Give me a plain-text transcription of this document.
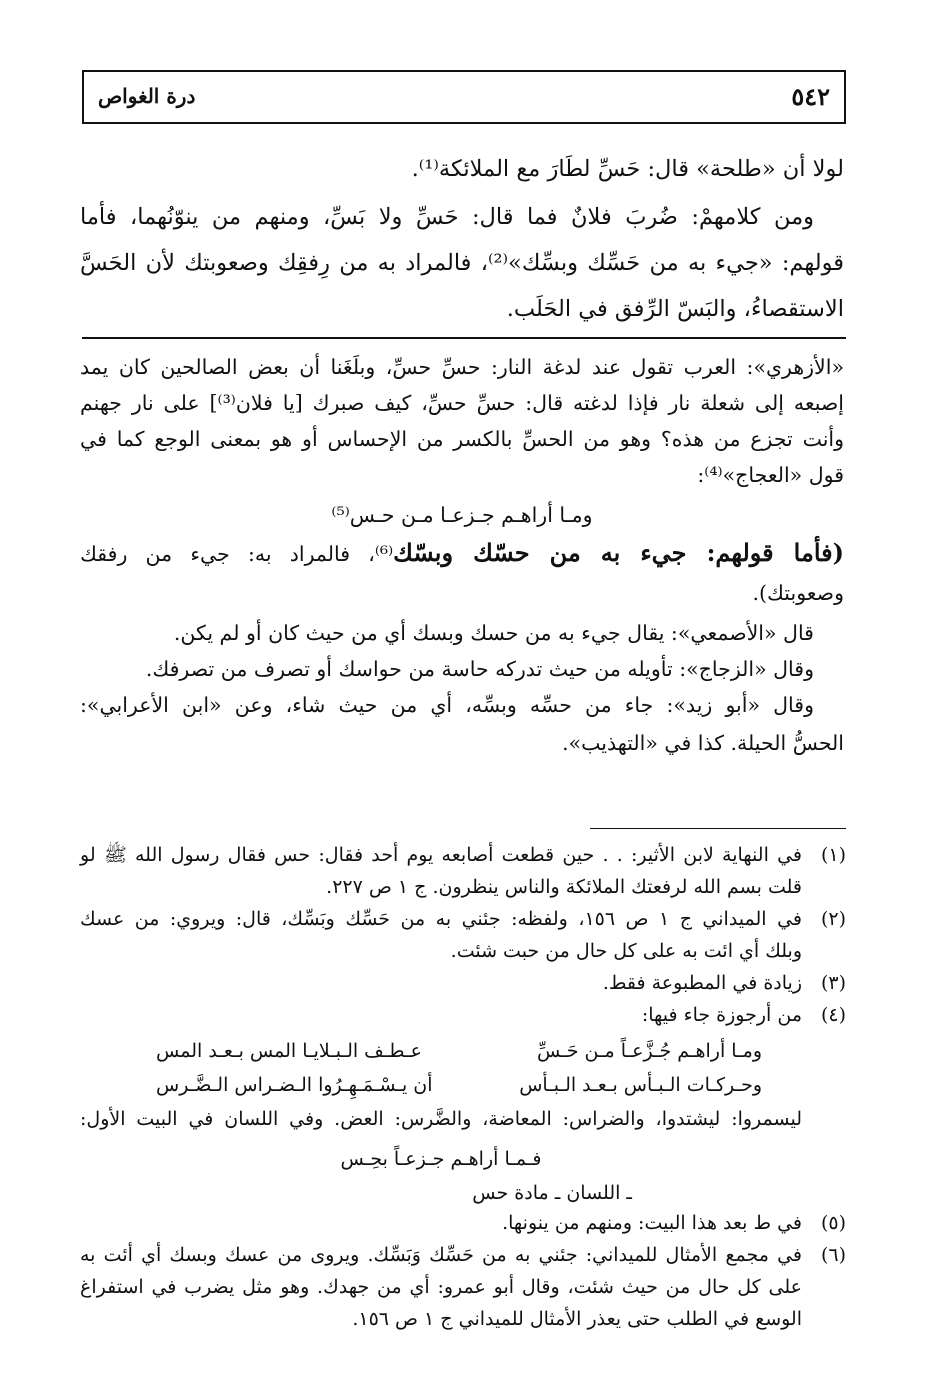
٥٤٢
درة الغواص
لولا أن «طلحة» قال: حَسِّ لطَارَ مع الملائكة⁽¹⁾.
ومن كلامهمْ: ضُربَ فلانٌ فما قال: حَسِّ ولا بَسِّ، ومنهم من ينوّنُهما، فأما
قولهم: «جيء به من حَسِّك وبسِّك»⁽²⁾، فالمراد به من رِفقِك وصعوبتك لأن الحَسَّ
الاستقصاءُ، والبَسّ الرِّفق في الحَلَب.
«الأزهري»: العرب تقول عند لدغة النار: حسِّ حسِّ، وبلَغَنا أن بعض الصالحين كان يمد
إصبعه إلى شعلة نار فإذا لدغته قال: حسِّ حسِّ، كيف صبرك [يا فلان⁽³⁾] على نار جهنم
وأنت تجزع من هذه؟ وهو من الحسِّ بالكسر من الإحساس أو هو بمعنى الوجع كما في
قول «العجاج»⁽⁴⁾:
ومـا أراهـم جـزعـا مـن حـس⁽⁵⁾
(فأما قولهم: جيء به من حسّك وبسّك⁽⁶⁾، فالمراد به: جيء من رفقك
وصعوبتك).
قال «الأصمعي»: يقال جيء به من حسك وبسك أي من حيث كان أو لم يكن.
وقال «الزجاج»: تأويله من حيث تدركه حاسة من حواسك أو تصرف من تصرفك.
وقال «أبو زيد»: جاء من حسِّه وبسِّه، أي من حيث شاء، وعن «ابن الأعرابي»:
الحسُّ الحيلة. كذا في «التهذيب».
(١)
في النهاية لابن الأثير: . . حين قطعت أصابعه يوم أحد فقال: حس فقال رسول الله ﷺ لو
قلت بسم الله لرفعتك الملائكة والناس ينظرون. ج ١ ص ٢٢٧.
(٢)
في الميداني ج ١ ص ١٥٦، ولفظه: جئني به من حَسِّك وبَسِّك، قال: ويروي: من عسك
وبلك أي ائت به على كل حال من حبت شئت.
(٣)
زيادة في المطبوعة فقط.
(٤)
من أرجوزة جاء فيها:
ومـا أراهـم جُـزَّعـاً مـن حَـسِّ
عـطـف الـبـلايـا المس بـعـد المس
وحـركـات الـبـأس بـعـد الـبـأس
أن يـسْـمَـهِـرُوا الـضـراس الـضَّـرس
ليسمروا: ليشتدوا، والضراس: المعاضة، والضَّرس: العض. وفي اللسان في البيت الأول:
فـمـا أراهـم جـزعـاً بحِـس
ـ اللسان ـ مادة حس
(٥)
في ط بعد هذا البيت: ومنهم من ينونها.
(٦)
في مجمع الأمثال للميداني: جئني به من حَسِّك وَبَسِّك. ويروى من عسك وبسك أي أئت به
على كل حال من حيث شئت، وقال أبو عمرو: أي من جهدك. وهو مثل يضرب في استفراغ
الوسع في الطلب حتى يعذر الأمثال للميداني ج ١ ص ١٥٦.
